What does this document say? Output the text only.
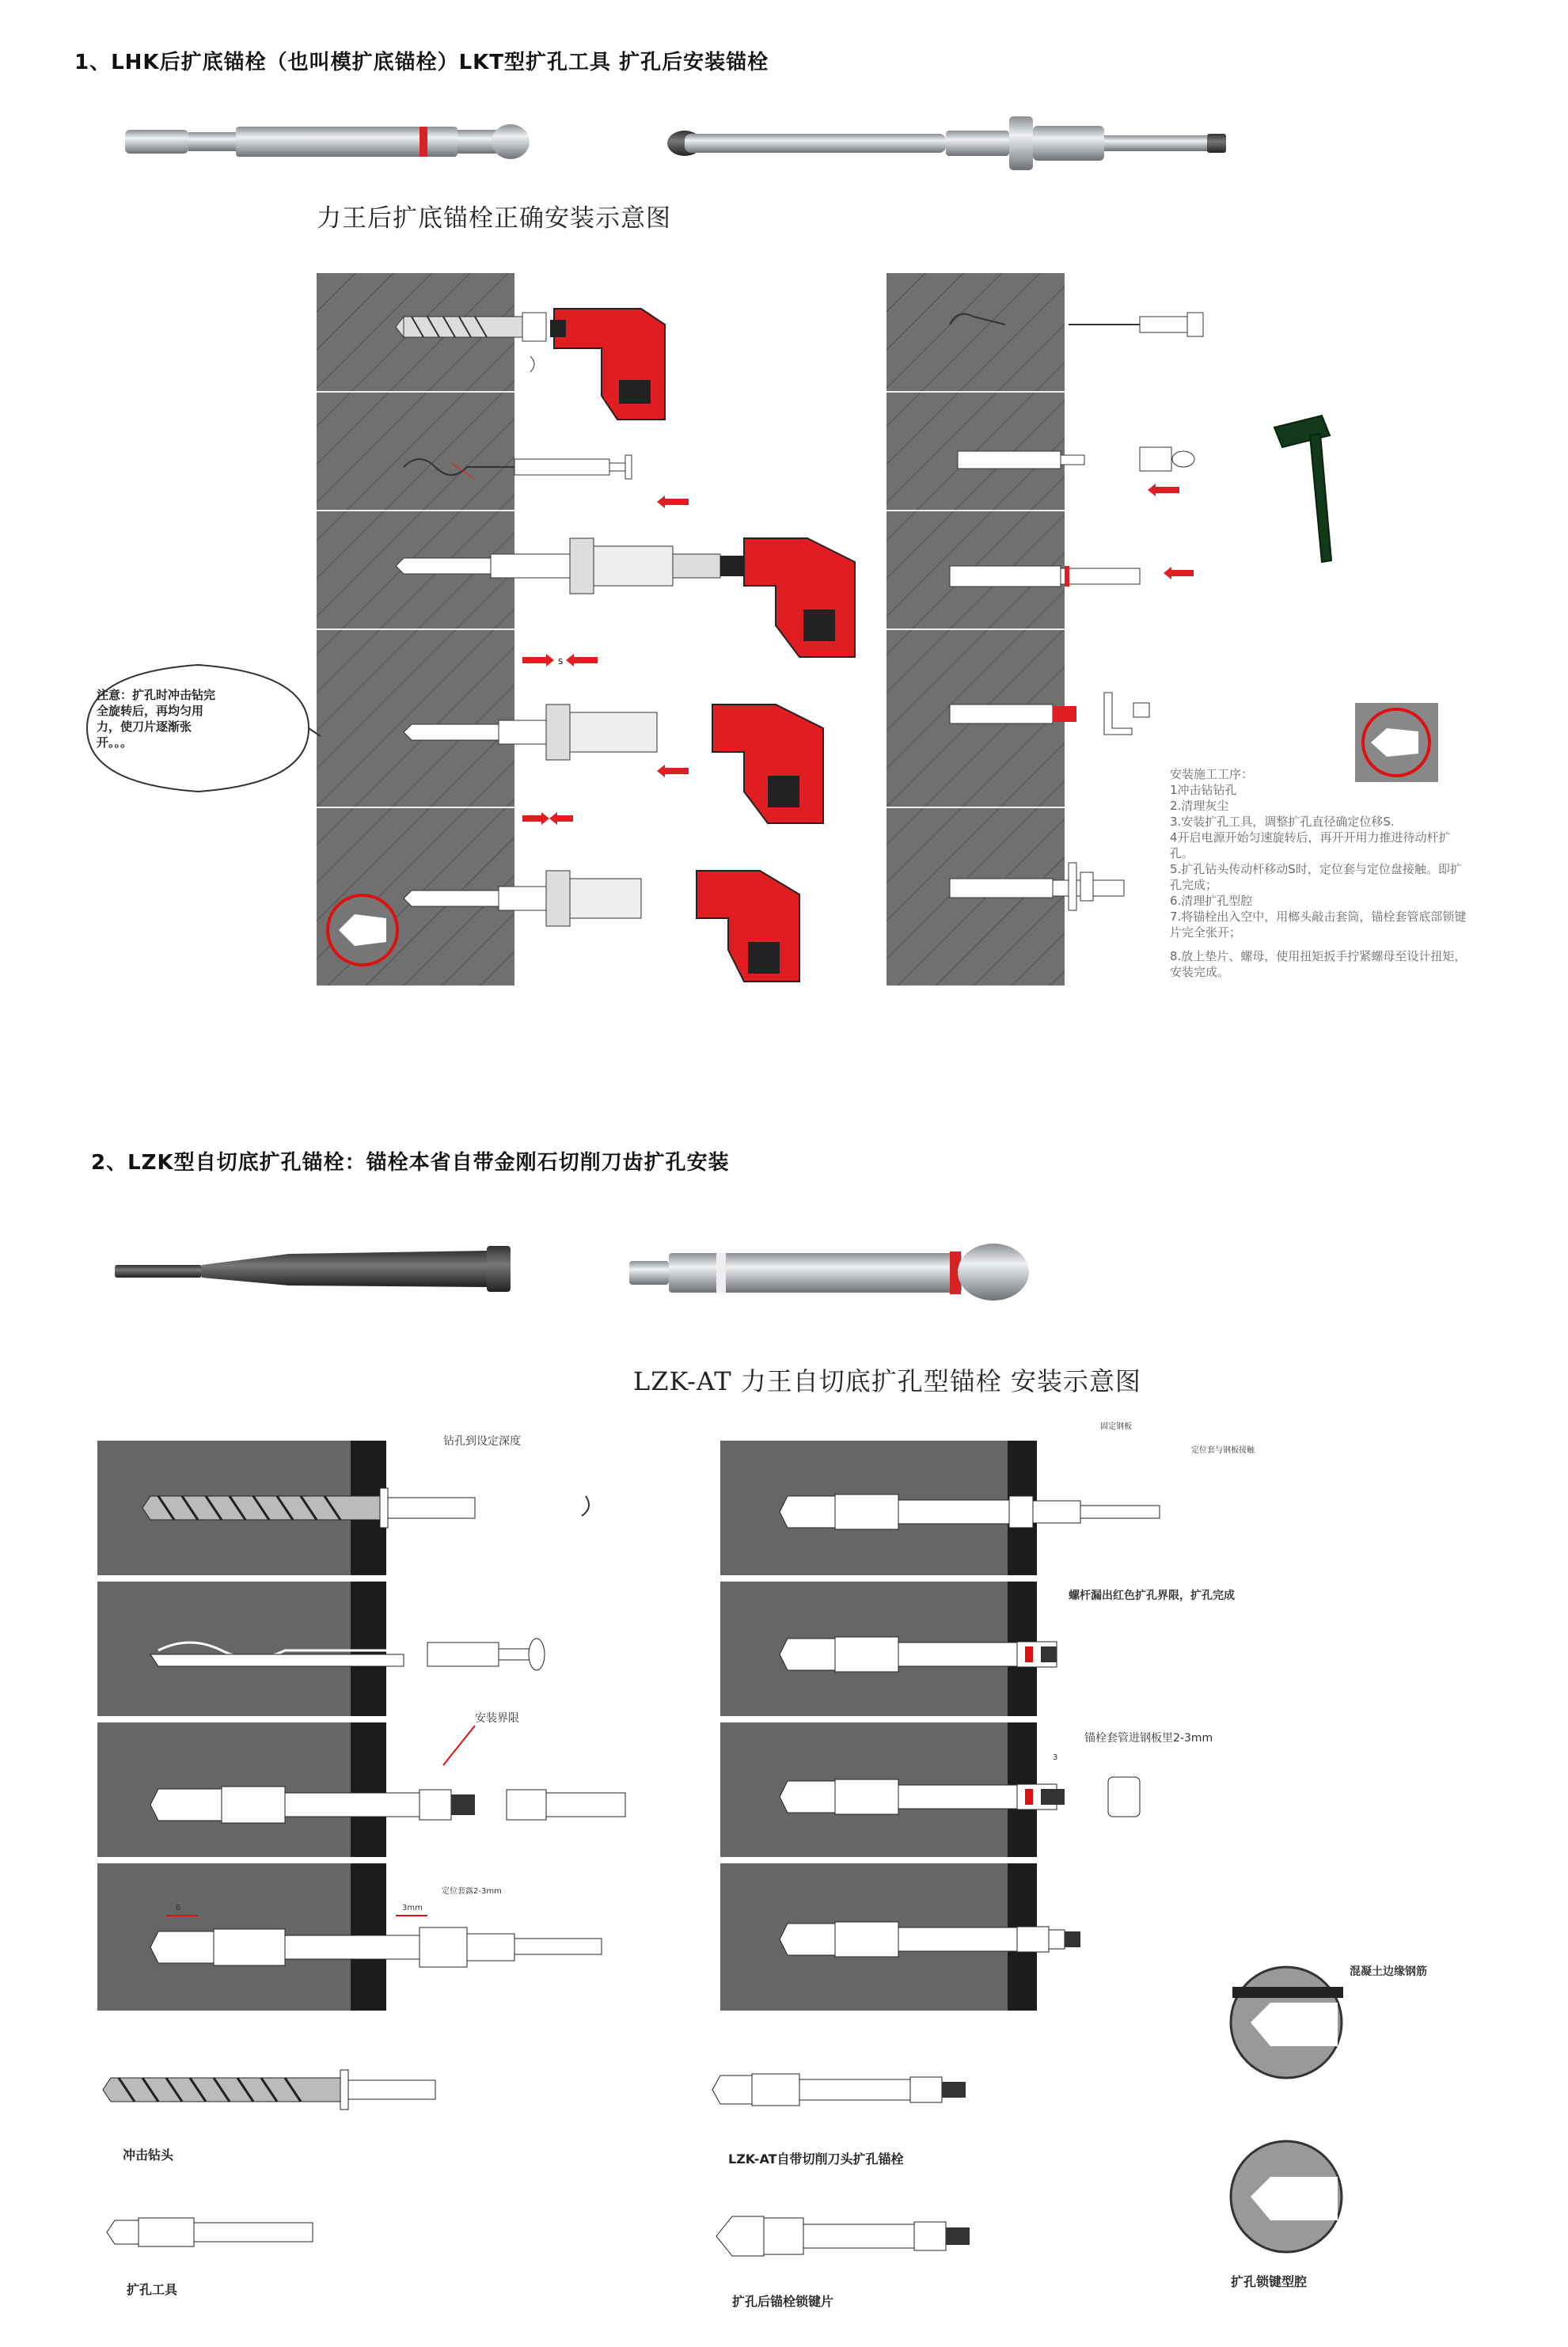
1、LHK后扩底锚栓（也叫模扩底锚栓）LKT型扩孔工具 扩孔后安装锚栓
力王后扩底锚栓正确安装示意图
S
注意：扩孔时冲击钻完全旋转后，再均匀用力，使刀片逐渐张开。。。
安装施工工序：
1冲击钻钻孔
2.清理灰尘
3.安装扩孔工具，调整扩孔直径确定位移S.
4开启电源开始匀速旋转后，再开开用力推进待动杆扩孔。
5.扩孔钻头传动杆移动S时，定位套与定位盘接触。即扩孔完成；
6.清理扩孔型腔
7.将锚栓出入空中，用榔头敲击套筒，锚栓套管底部锁键片完全张开；
8.放上垫片、螺母，使用扭矩扳手拧紧螺母至设计扭矩，安装完成。
2、LZK型自切底扩孔锚栓：锚栓本省自带金刚石切削刀齿扩孔安装
LZK-AT 力王自切底扩孔型锚栓 安装示意图
钻孔到设定深度
安装界限
定位套露2-3mm
6	3mm
固定钢板
定位套与钢板接触
螺杆漏出红色扩孔界限，扩孔完成
锚栓套管进钢板里2-3mm
3
混凝土边缘钢筋
冲击钻头
扩孔工具
LZK-AT自带切削刀头扩孔锚栓
扩孔后锚栓锁键片
扩孔锁键型腔
